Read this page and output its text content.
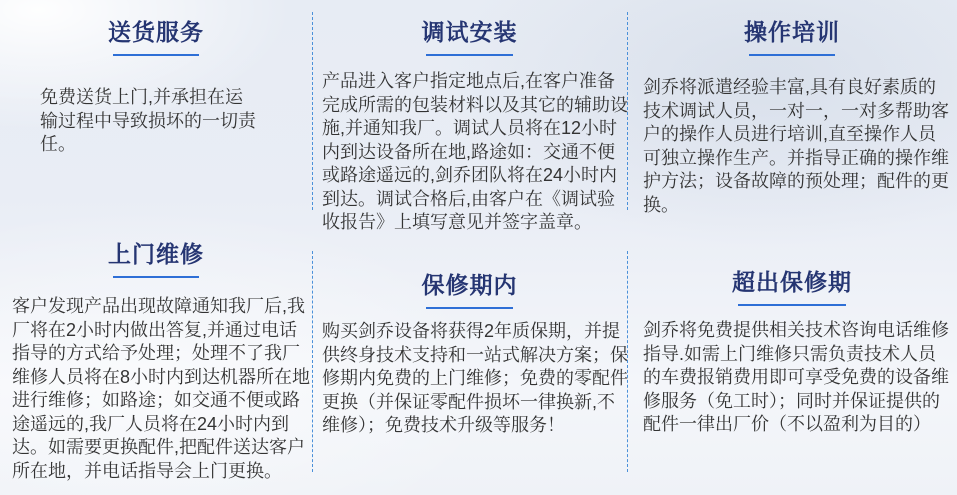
送货服务

免费送货上门,并承担在运输过程中导致损坏的一切责任。

调试安装

产品进入客户指定地点后,在客户准备完成所需的包装材料以及其它的辅助设施,并通知我厂。调试人员将在12小时内到达设备所在地,路途如：交通不便或路途遥远的,剑乔团队将在24小时内到达。调试合格后,由客户在《调试验收报告》上填写意见并签字盖章。

操作培训

剑乔将派遣经验丰富,具有良好素质的技术调试人员，一对一，一对多帮助客户的操作人员进行培训,直至操作人员可独立操作生产。并指导正确的操作维护方法；设备故障的预处理；配件的更换。

上门维修

客户发现产品出现故障通知我厂后,我厂将在2小时内做出答复,并通过电话指导的方式给予处理；处理不了我厂维修人员将在8小时内到达机器所在地进行维修；如路途；如交通不便或路途遥远的,我厂人员将在24小时内到达。如需要更换配件,把配件送达客户所在地，并电话指导会上门更换。

保修期内

购买剑乔设备将获得2年质保期，并提供终身技术支持和一站式解决方案；保修期内免费的上门维修；免费的零配件更换（并保证零配件损坏一律换新,不维修）；免费技术升级等服务！

超出保修期

剑乔将免费提供相关技术咨询电话维修指导.如需上门维修只需负责技术人员的车费报销费用即可享受免费的设备维修服务（免工时）；同时并保证提供的配件一律出厂价（不以盈利为目的）
